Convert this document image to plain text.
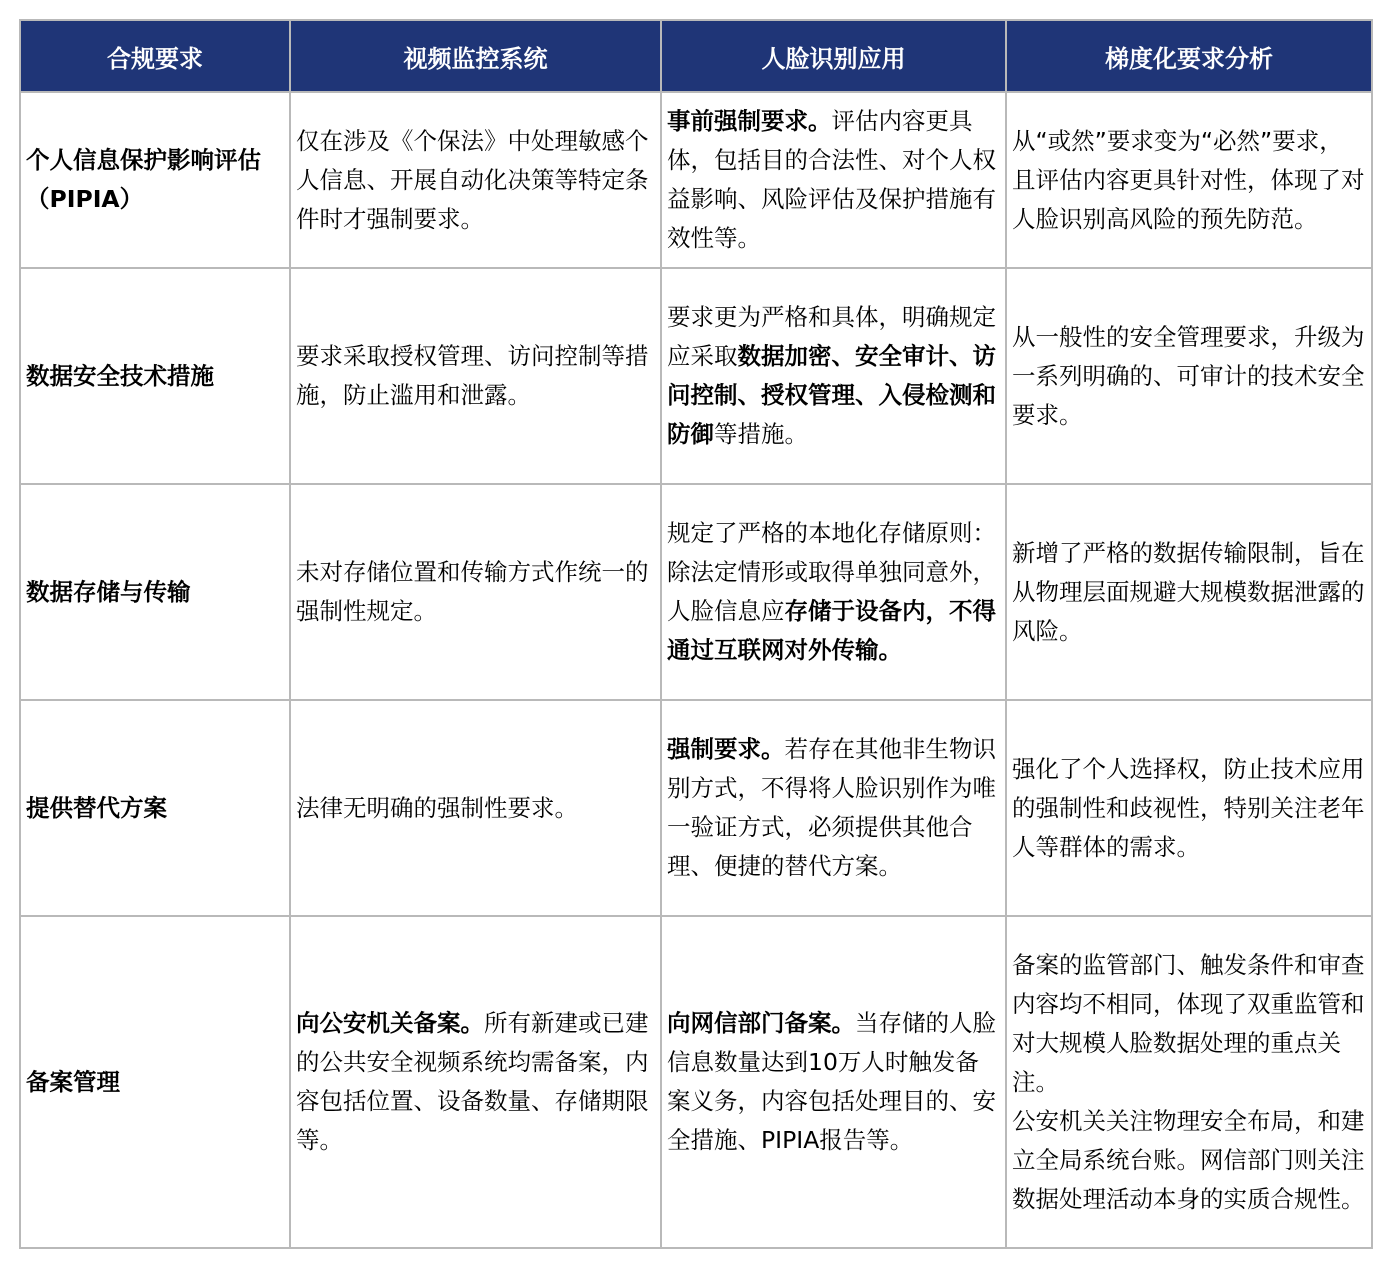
合规要求	视频监控系统	人脸识别应用	梯度化要求分析
个人信息保护影响评估（PIPIA）	仅在涉及《个保法》中处理敏感个人信息、开展自动化决策等特定条件时才强制要求。	事前强制要求。评估内容更具体，包括目的合法性、对个人权益影响、风险评估及保护措施有效性等。	从“或然”要求变为“必然”要求，且评估内容更具针对性，体现了对人脸识别高风险的预先防范。
数据安全技术措施	要求采取授权管理、访问控制等措施，防止滥用和泄露。	要求更为严格和具体，明确规定应采取数据加密、安全审计、访问控制、授权管理、入侵检测和防御等措施。	从一般性的安全管理要求，升级为一系列明确的、可审计的技术安全要求。
数据存储与传输	未对存储位置和传输方式作统一的强制性规定。	规定了严格的本地化存储原则：除法定情形或取得单独同意外，人脸信息应存储于设备内，不得通过互联网对外传输。	新增了严格的数据传输限制，旨在从物理层面规避大规模数据泄露的风险。
提供替代方案	法律无明确的强制性要求。	强制要求。若存在其他非生物识别方式，不得将人脸识别作为唯一验证方式，必须提供其他合理、便捷的替代方案。	强化了个人选择权，防止技术应用的强制性和歧视性，特别关注老年人等群体的需求。
备案管理	向公安机关备案。所有新建或已建的公共安全视频系统均需备案，内容包括位置、设备数量、存储期限等。	向网信部门备案。当存储的人脸信息数量达到10万人时触发备案义务，内容包括处理目的、安全措施、PIPIA报告等。	备案的监管部门、触发条件和审查内容均不相同，体现了双重监管和对大规模人脸数据处理的重点关注。
公安机关关注物理安全布局，和建立全局系统台账。网信部门则关注数据处理活动本身的实质合规性。
